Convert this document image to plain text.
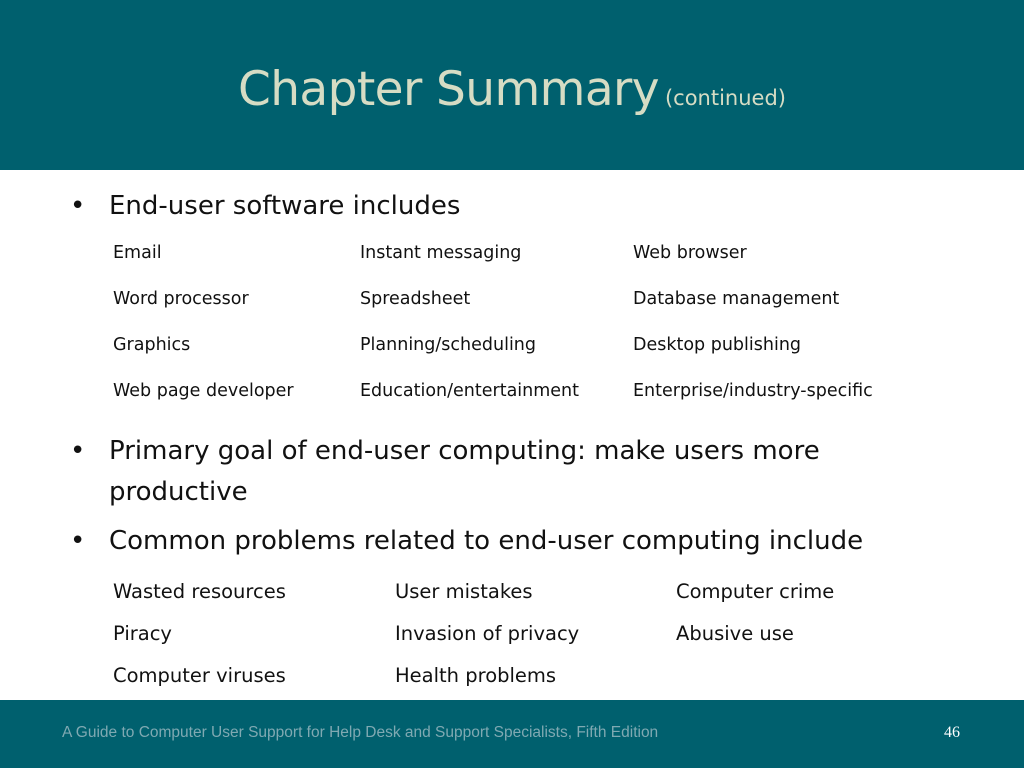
Chapter Summary (continued)
• End-user software includes
Email	Instant messaging	Web browser
Word processor	Spreadsheet	Database management
Graphics	Planning/scheduling	Desktop publishing
Web page developer	Education/entertainment	Enterprise/industry-specific
• Primary goal of end-user computing: make users more productive
• Common problems related to end-user computing include
Wasted resources	User mistakes	Computer crime
Piracy	Invasion of privacy	Abusive use
Computer viruses	Health problems
A Guide to Computer User Support for Help Desk and Support Specialists, Fifth Edition	46
